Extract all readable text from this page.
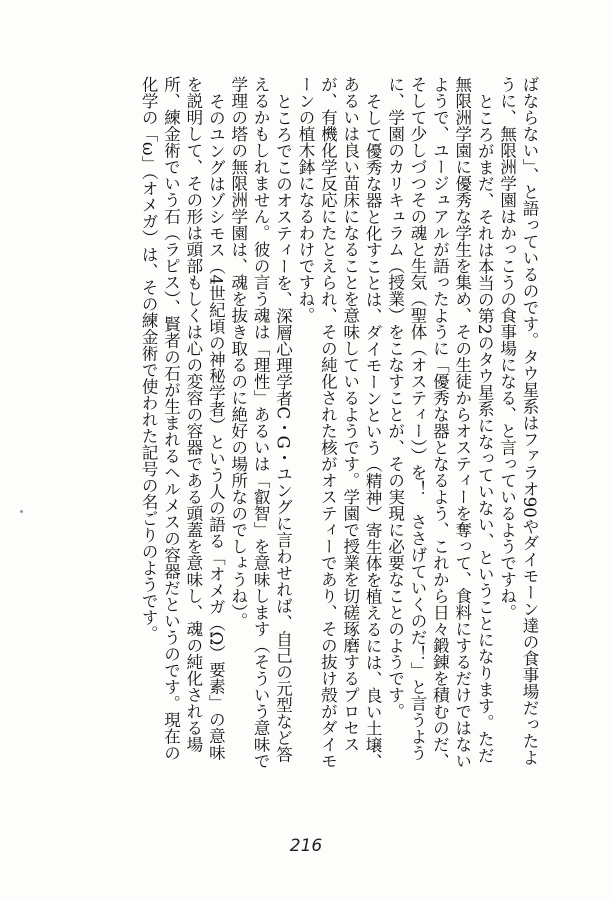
ばならない」、と語っているのです。タウ星系はファラオ90やダイモーン達の食事場だったように、無限洲学園はかっこうの食事場になる、と言っているようですね。

ところがまだ、それは本当の第2のタウ星系になっていない、ということになります。ただ無限洲学園に優秀な学生を集め、その生徒からオスティーを奪って、食料にするだけではないようで、ユージュアルが語ったように「優秀な器となるよう、これから日々鍛錬を積むのだ、そして少しづつその魂と生気（聖体（オスティー））を！　ささげていくのだ！」と言うように、学園のカリキュラム（授業）をこなすことが、その実現に必要なことのようです。

そして優秀な器と化すことは、ダイモーンという（精神）寄生体を植えるには、良い土壌、あるいは良い苗床になることを意味しているようです。学園で授業を切磋琢磨するプロセスが、有機化学反応にたとえられ、その純化された核がオスティーであり、その抜け殻がダイモーンの植木鉢になるわけですね。

ところでこのオスティーを、深層心理学者C・G・ユングに言わせれば、自己の元型など答えるかもしれません。彼の言う魂は「理性」あるいは「叡智」を意味します（そういう意味で学理の塔の無限洲学園は、魂を抜き取るのに絶好の場所なのでしょうね）。

そのユングはゾシモス（4世紀頃の神秘学者）という人の語る「オメガ（Ω）要素」の意味を説明して、その形は頭部もしくは心の変容の容器である頭蓋を意味し、魂の純化される場所、練金術でいう石（ラピス）、賢者の石が生まれるヘルメスの容器だというのです。現在の化学の「ω」（オメガ）は、その練金術で使われた記号の名ごりのようです。

216
